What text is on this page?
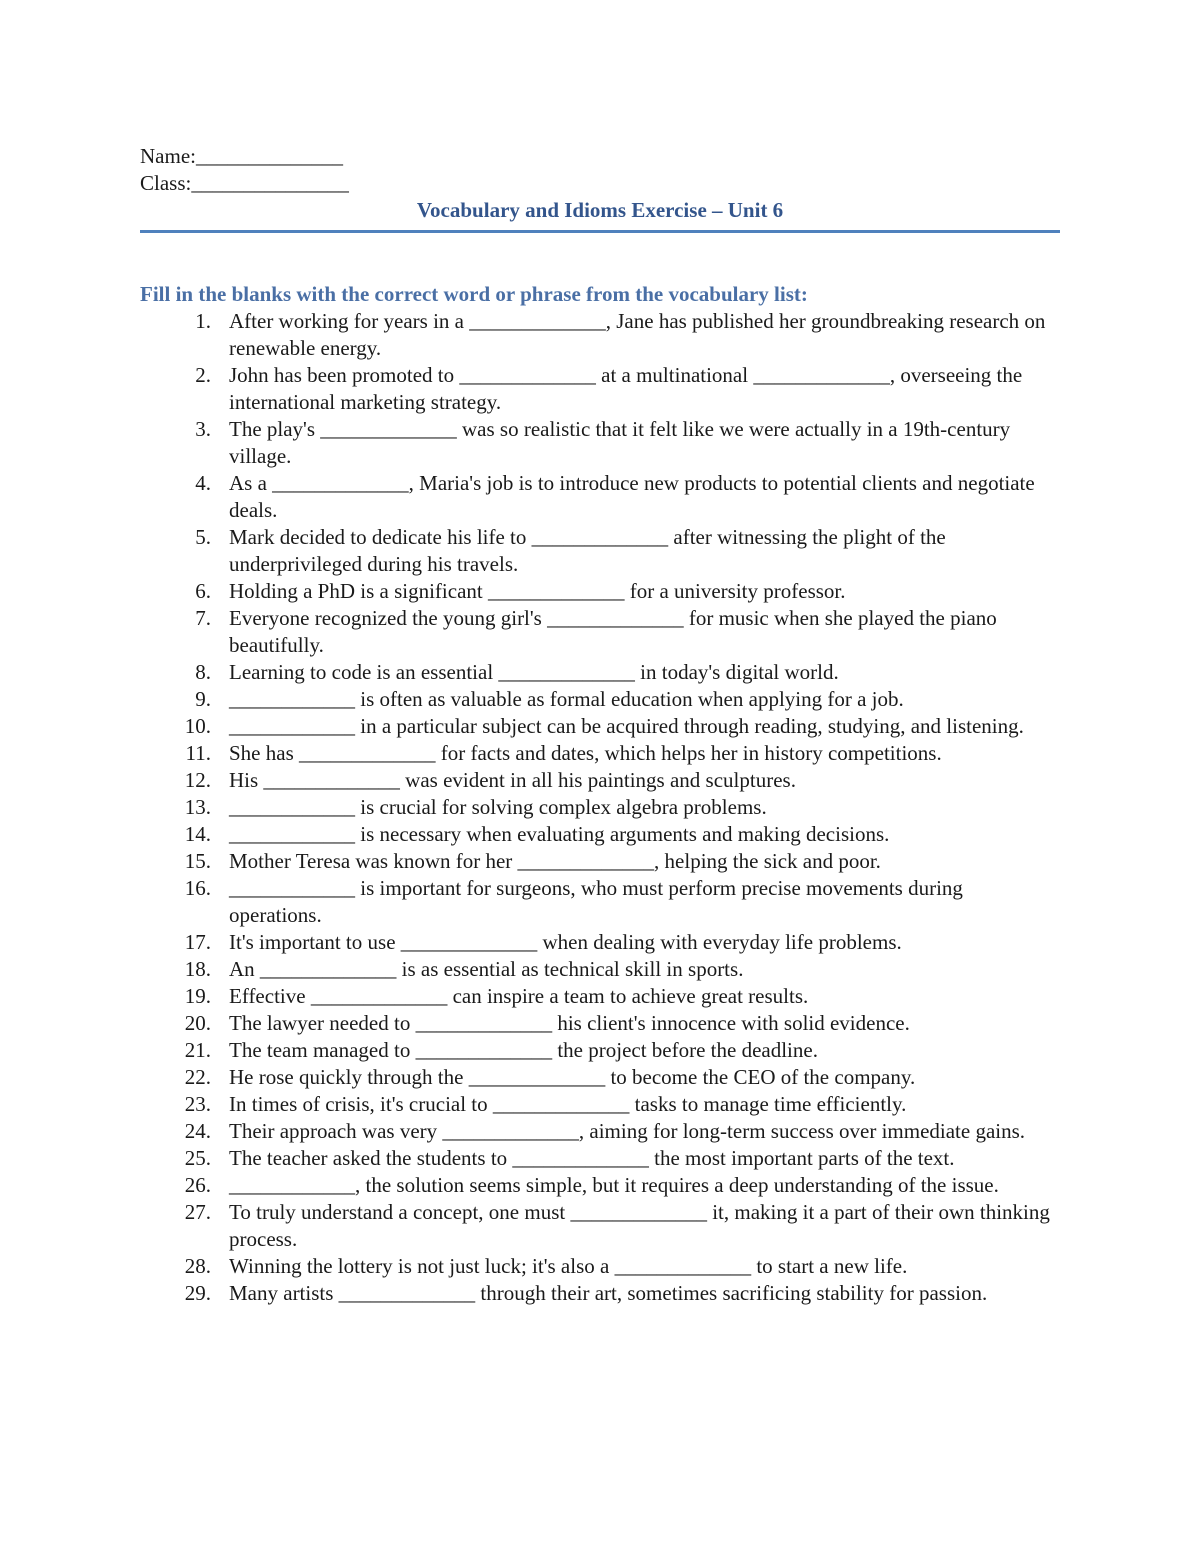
Name:______________
Class:_______________
Vocabulary and Idioms Exercise – Unit 6
Fill in the blanks with the correct word or phrase from the vocabulary list:
1. After working for years in a _____________, Jane has published her groundbreaking research on renewable energy.
2. John has been promoted to _____________ at a multinational _____________, overseeing the international marketing strategy.
3. The play's _____________ was so realistic that it felt like we were actually in a 19th-century village.
4. As a _____________, Maria's job is to introduce new products to potential clients and negotiate deals.
5. Mark decided to dedicate his life to _____________ after witnessing the plight of the underprivileged during his travels.
6. Holding a PhD is a significant _____________ for a university professor.
7. Everyone recognized the young girl's _____________ for music when she played the piano beautifully.
8. Learning to code is an essential _____________ in today's digital world.
9. ____________ is often as valuable as formal education when applying for a job.
10. ____________ in a particular subject can be acquired through reading, studying, and listening.
11. She has _____________ for facts and dates, which helps her in history competitions.
12. His _____________ was evident in all his paintings and sculptures.
13. ____________ is crucial for solving complex algebra problems.
14. ____________ is necessary when evaluating arguments and making decisions.
15. Mother Teresa was known for her _____________, helping the sick and poor.
16. ____________ is important for surgeons, who must perform precise movements during operations.
17. It's important to use _____________ when dealing with everyday life problems.
18. An _____________ is as essential as technical skill in sports.
19. Effective _____________ can inspire a team to achieve great results.
20. The lawyer needed to _____________ his client's innocence with solid evidence.
21. The team managed to _____________ the project before the deadline.
22. He rose quickly through the _____________ to become the CEO of the company.
23. In times of crisis, it's crucial to _____________ tasks to manage time efficiently.
24. Their approach was very _____________, aiming for long-term success over immediate gains.
25. The teacher asked the students to _____________ the most important parts of the text.
26. ____________, the solution seems simple, but it requires a deep understanding of the issue.
27. To truly understand a concept, one must _____________ it, making it a part of their own thinking process.
28. Winning the lottery is not just luck; it's also a _____________ to start a new life.
29. Many artists _____________ through their art, sometimes sacrificing stability for passion.
